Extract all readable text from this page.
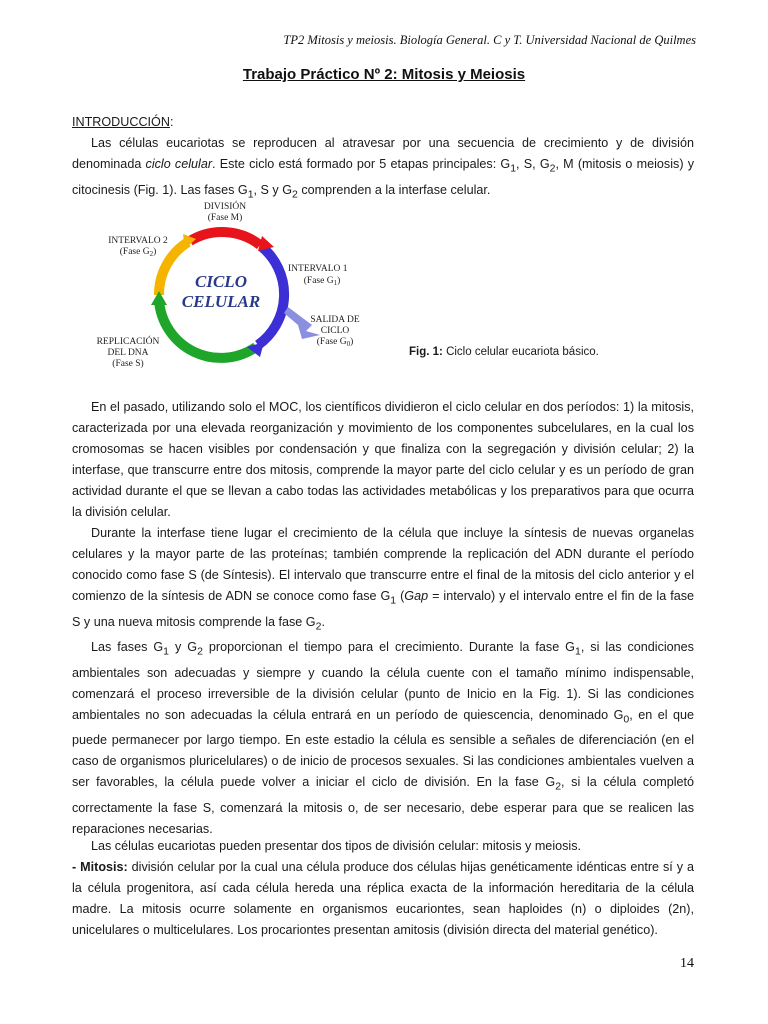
TP2 Mitosis y meiosis. Biología General. C y T. Universidad Nacional de Quilmes
Trabajo Práctico Nº 2: Mitosis y Meiosis
INTRODUCCIÓN:

Las células eucariotas se reproducen al atravesar por una secuencia de crecimiento y de división denominada ciclo celular. Este ciclo está formado por 5 etapas principales: $G_1$, S, $G_2$, M (mitosis o meiosis) y citocinesis (Fig. 1). Las fases $G_1$, S y $G_2$ comprenden a la interfase celular.

CICLO
CELULAR
DIVISIÓN
(Fase M)
INTERVALO 2
(Fase $G_2$)
INTERVALO 1
(Fase $G_1$)
SALIDA DE
CICLO
(Fase $G_0$)
REPLICACIÓN
DEL DNA
(Fase S)
Fig. 1: Ciclo celular eucariota básico.

En el pasado, utilizando solo el MOC, los científicos dividieron el ciclo celular en dos períodos: 1) la mitosis, caracterizada por una elevada reorganización y movimiento de los componentes subcelulares, en la cual los cromosomas se hacen visibles por condensación y que finaliza con la segregación y división celular; 2) la interfase, que transcurre entre dos mitosis, comprende la mayor parte del ciclo celular y es un período de gran actividad durante el que se llevan a cabo todas las actividades metabólicas y los preparativos para que ocurra la división celular.

Durante la interfase tiene lugar el crecimiento de la célula que incluye la síntesis de nuevas organelas celulares y la mayor parte de las proteínas; también comprende la replicación del ADN durante el período conocido como fase S (de Síntesis). El intervalo que transcurre entre el final de la mitosis del ciclo anterior y el comienzo de la síntesis de ADN se conoce como fase $G_1$ (Gap = intervalo) y el intervalo entre el fin de la fase S y una nueva mitosis comprende la fase $G_2$.

Las fases $G_1$ y $G_2$ proporcionan el tiempo para el crecimiento. Durante la fase $G_1$, si las condiciones ambientales son adecuadas y siempre y cuando la célula cuente con el tamaño mínimo indispensable, comenzará el proceso irreversible de la división celular (punto de Inicio en la Fig. 1). Si las condiciones ambientales no son adecuadas la célula entrará en un período de quiescencia, denominado $G_0$, en el que puede permanecer por largo tiempo. En este estadio la célula es sensible a señales de diferenciación (en el caso de organismos pluricelulares) o de inicio de procesos sexuales. Si las condiciones ambientales vuelven a ser favorables, la célula puede volver a iniciar el ciclo de división. En la fase $G_2$, si la célula completó correctamente la fase S, comenzará la mitosis o, de ser necesario, debe esperar para que se realicen las reparaciones necesarias.

Las células eucariotas pueden presentar dos tipos de división celular: mitosis y meiosis.

- Mitosis: división celular por la cual una célula produce dos células hijas genéticamente idénticas entre sí y a la célula progenitora, así cada célula hereda una réplica exacta de la información hereditaria de la célula madre. La mitosis ocurre solamente en organismos eucariontes, sean haploides (n) o diploides (2n), unicelulares o multicelulares. Los procariontes presentan amitosis (división directa del material genético).

14
